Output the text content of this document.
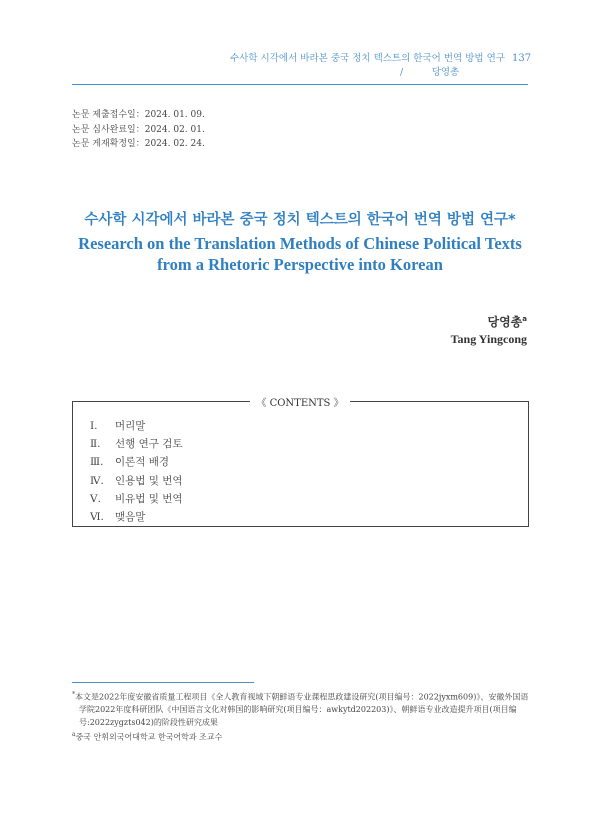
수사학 시각에서 바라본 중국 정치 텍스트의 한국어 번역 방법 연구 137
/　　　당영총
논문 제출접수일：2024. 01. 09.
논문 심사완료일：2024. 02. 01.
논문 게재확정일：2024. 02. 24.
수사학 시각에서 바라본 중국 정치 텍스트의 한국어 번역 방법 연구*
Research on the Translation Methods of Chinese Political Texts
from a Rhetoric Perspective into Korean
당영총$^a$
Tang Yingcong
《 CONTENTS 》
Ⅰ.	머리말
Ⅱ.	선행 연구 검토
Ⅲ.	이론적 배경
Ⅳ.	인용법 및 번역
Ⅴ.	비유법 및 번역
Ⅵ.	맺음말
*本文是2022年度安徽省质量工程项目《全人教育视域下朝鲜语专业课程思政建设研究(项目编号：2022jyxm609)》、安徽外国语学院2022年度科研团队《中国语言文化对韩国的影响研究(项目编号：awkytd202203)》、朝鲜语专业改造提升项目(项目编号:2022zygzts042)的阶段性研究成果
$^a$중국 안휘외국어대학교 한국어학과 조교수
